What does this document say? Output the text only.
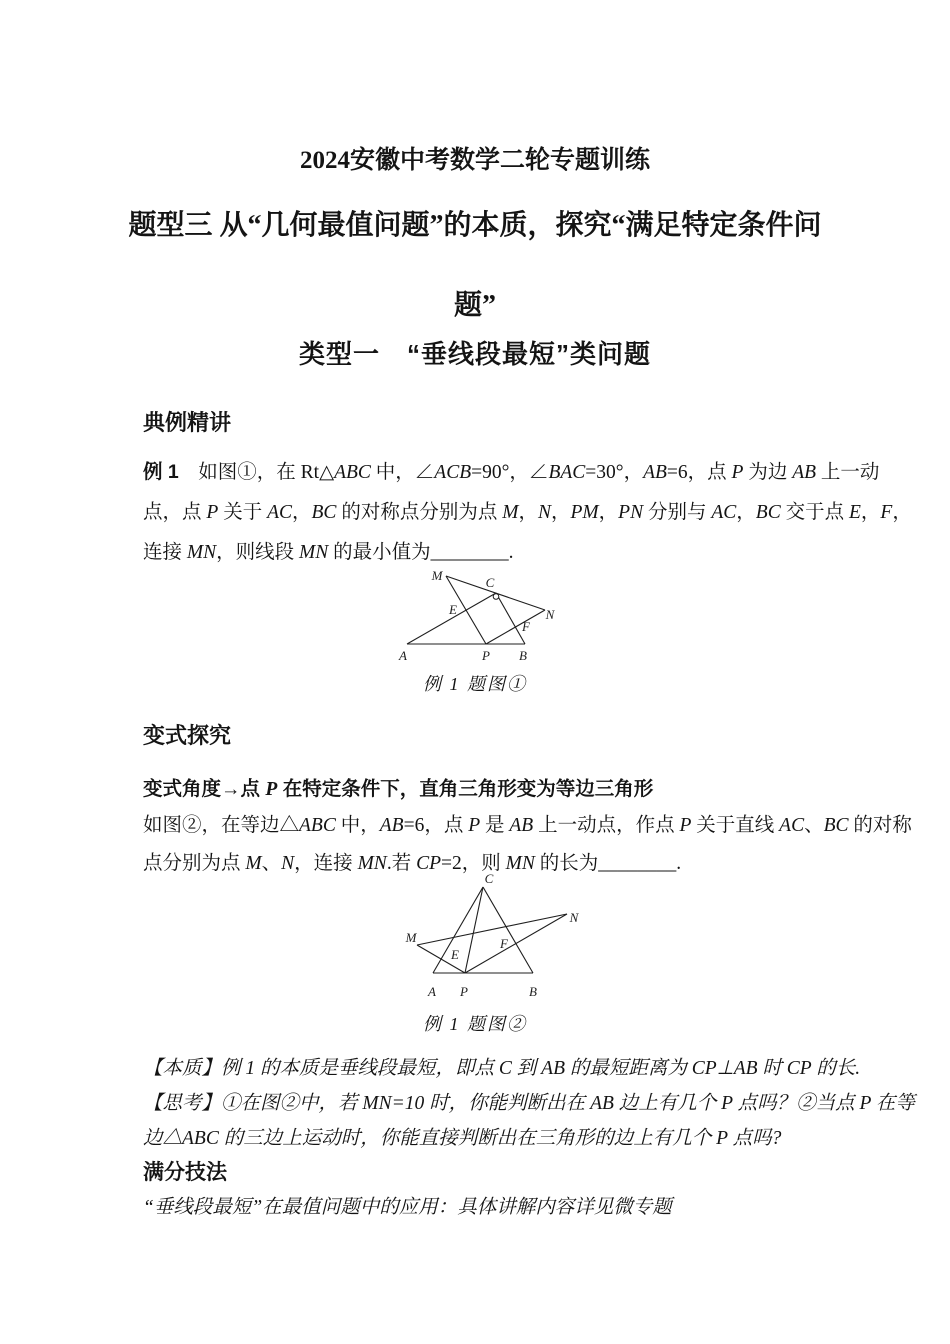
2024安徽中考数学二轮专题训练
题型三 从“几何最值问题”的本质，探究“满足特定条件问
题”
类型一　“垂线段最短”类问题
典例精讲
例 1　如图①，在 Rt△ABC 中，∠ACB=90°，∠BAC=30°，AB=6，点 P 为边 AB 上一动
点，点 P 关于 AC，BC 的对称点分别为点 M，N，PM，PN 分别与 AC，BC 交于点 E，F，
连接 MN，则线段 MN 的最小值为________.
M	C
E	N
F
A	P B
例 1 题图①
变式探究
变式角度→点 P 在特定条件下，直角三角形变为等边三角形
如图②，在等边△ABC 中，AB=6，点 P 是 AB 上一动点，作点 P 关于直线 AC、BC 的对称
点分别为点 M、N，连接 MN.若 CP=2，则 MN 的长为________.
C
N
M	F
E
A P	B
例 1 题图②
【本质】例 1 的本质是垂线段最短，即点 C 到 AB 的最短距离为 CP⊥AB 时 CP 的长.
【思考】①在图②中，若 MN=10 时，你能判断出在 AB 边上有几个 P 点吗？②当点 P 在等
边△ABC 的三边上运动时，你能直接判断出在三角形的边上有几个 P 点吗?
满分技法
“垂线段最短”在最值问题中的应用：具体讲解内容详见微专题
